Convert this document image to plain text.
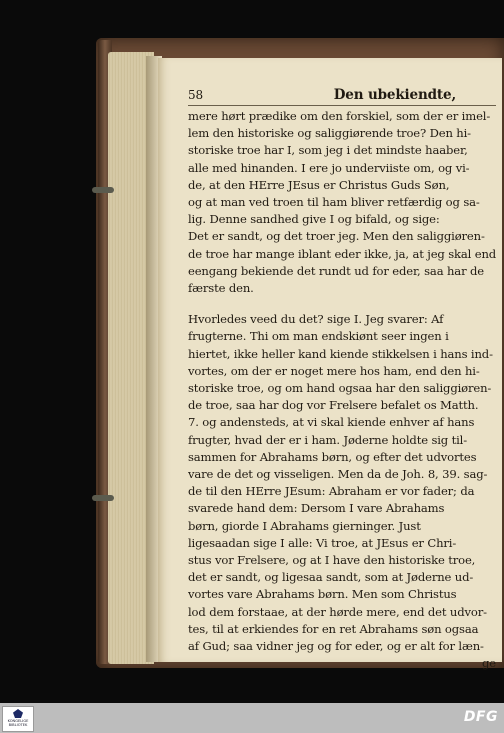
58	Den ubekiendte,
mere hørt prædike om den forskiel, som der er imel-
lem den historiske og saliggiørende troe? Den hi-
storiske troe har I, som jeg i det mindste haaber,
alle med hinanden. I ere jo underviiste om, og vi-
de, at den HErre JEsus er Christus Guds Søn,
og at man ved troen til ham bliver retfærdig og sa-
lig. Denne sandhed give I og bifald, og sige:
Det er sandt, og det troer jeg. Men den saliggiøren-
de troe har mange iblant eder ikke, ja, at jeg skal end
eengang bekiende det rundt ud for eder, saa har de
færste den.
Hvorledes veed du det? sige I. Jeg svarer: Af
frugterne. Thi om man endskiønt seer ingen i
hiertet, ikke heller kand kiende stikkelsen i hans ind-
vortes, om der er noget mere hos ham, end den hi-
storiske troe, og om hand ogsaa har den saliggiøren-
de troe, saa har dog vor Frelsere befalet os Matth.
7. og andensteds, at vi skal kiende enhver af hans
frugter, hvad der er i ham. Jøderne holdte sig til-
sammen for Abrahams børn, og efter det udvortes
vare de det og visseligen. Men da de Joh. 8, 39. sag-
de til den HErre JEsum: Abraham er vor fader; da
svarede hand dem: Dersom I vare Abrahams
børn, giorde I Abrahams gierninger. Just
ligesaadan sige I alle: Vi troe, at JEsus er Chri-
stus vor Frelsere, og at I have den historiske troe,
det er sandt, og ligesaa sandt, som at Jøderne ud-
vortes vare Abrahams børn. Men som Christus
lod dem forstaae, at der hørde mere, end det udvor-
tes, til at erkiendes for en ret Abrahams søn ogsaa
af Gud; saa vidner jeg og for eder, og er alt for læn-
ge
KONGELIGE BIBLIOTEK	DFG
